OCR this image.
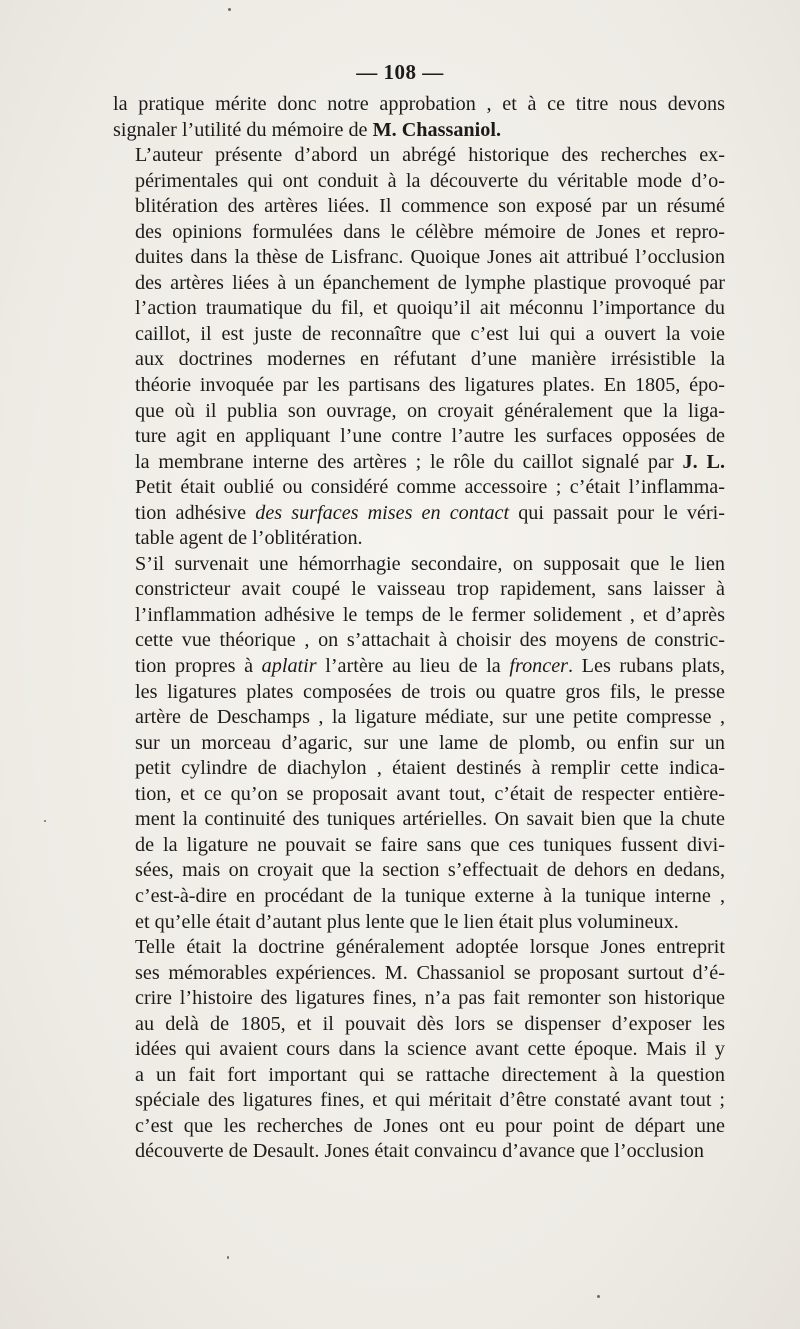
— 108 —

la pratique mérite donc notre approbation , et à ce titre nous devons
signaler l’utilité du mémoire de M. Chassaniol.

L’auteur présente d’abord un abrégé historique des recherches ex-
périmentales qui ont conduit à la découverte du véritable mode d’o-
blitération des artères liées. Il commence son exposé par un résumé
des opinions formulées dans le célèbre mémoire de Jones et repro-
duites dans la thèse de Lisfranc. Quoique Jones ait attribué l’occlusion
des artères liées à un épanchement de lymphe plastique provoqué par
l’action traumatique du fil, et quoiqu’il ait méconnu l’importance du
caillot, il est juste de reconnaître que c’est lui qui a ouvert la voie
aux doctrines modernes en réfutant d’une manière irrésistible la
théorie invoquée par les partisans des ligatures plates. En 1805, épo-
que où il publia son ouvrage, on croyait généralement que la liga-
ture agit en appliquant l’une contre l’autre les surfaces opposées de
la membrane interne des artères ; le rôle du caillot signalé par J. L.
Petit était oublié ou considéré comme accessoire ; c’était l’inflamma-
tion adhésive des surfaces mises en contact qui passait pour le véri-
table agent de l’oblitération.

S’il survenait une hémorrhagie secondaire, on supposait que le lien
constricteur avait coupé le vaisseau trop rapidement, sans laisser à
l’inflammation adhésive le temps de le fermer solidement , et d’après
cette vue théorique , on s’attachait à choisir des moyens de constric-
tion propres à aplatir l’artère au lieu de la froncer. Les rubans plats,
les ligatures plates composées de trois ou quatre gros fils, le presse
artère de Deschamps , la ligature médiate, sur une petite compresse ,
sur un morceau d’agaric, sur une lame de plomb, ou enfin sur un
petit cylindre de diachylon , étaient destinés à remplir cette indica-
tion, et ce qu’on se proposait avant tout, c’était de respecter entière-
ment la continuité des tuniques artérielles. On savait bien que la chute
de la ligature ne pouvait se faire sans que ces tuniques fussent divi-
sées, mais on croyait que la section s’effectuait de dehors en dedans,
c’est-à-dire en procédant de la tunique externe à la tunique interne ,
et qu’elle était d’autant plus lente que le lien était plus volumineux.

Telle était la doctrine généralement adoptée lorsque Jones entreprit
ses mémorables expériences. M. Chassaniol se proposant surtout d’é-
crire l’histoire des ligatures fines, n’a pas fait remonter son historique
au delà de 1805, et il pouvait dès lors se dispenser d’exposer les
idées qui avaient cours dans la science avant cette époque. Mais il y
a un fait fort important qui se rattache directement à la question
spéciale des ligatures fines, et qui méritait d’être constaté avant tout ;
c’est que les recherches de Jones ont eu pour point de départ une
découverte de Desault. Jones était convaincu d’avance que l’occlusion
